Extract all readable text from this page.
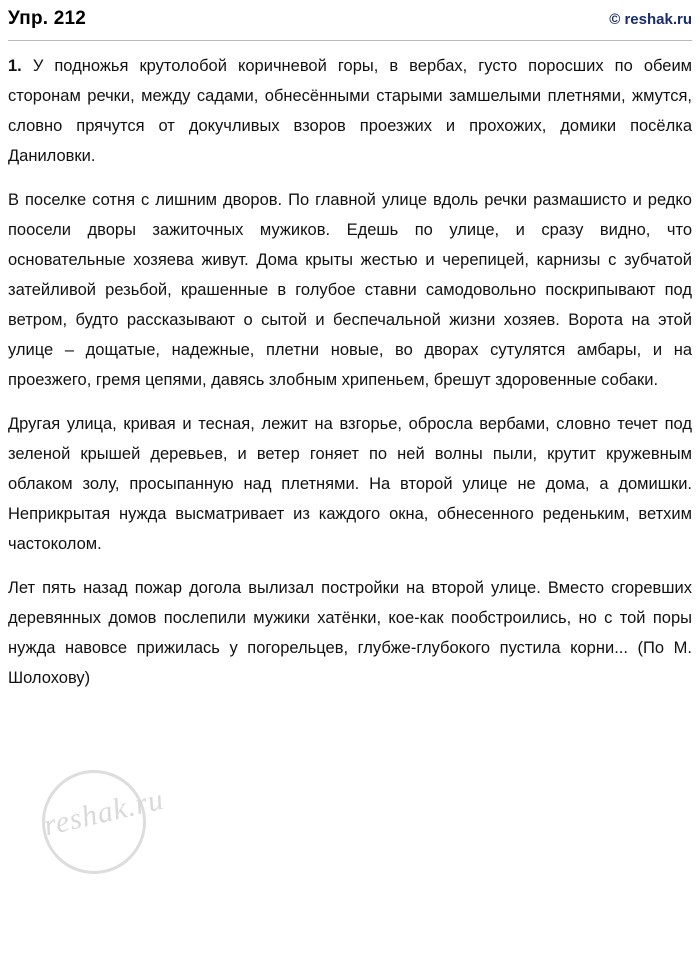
Упр. 212	© reshak.ru

1. У подножья крутолобой коричневой горы, в вербах, густо поросших по обеим сторонам речки, между садами, обнесёнными старыми замшелыми плетнями, жмутся, словно прячутся от докучливых взоров проезжих и прохожих, домики посёлка Даниловки.

В поселке сотня с лишним дворов. По главной улице вдоль речки размашисто и редко поосели дворы зажиточных мужиков. Едешь по улице, и сразу видно, что основательные хозяева живут. Дома крыты жестью и черепицей, карнизы с зубчатой затейливой резьбой, крашенные в голубое ставни самодовольно поскрипывают под ветром, будто рассказывают о сытой и беспечальной жизни хозяев. Ворота на этой улице – дощатые, надежные, плетни новые, во дворах сутулятся амбары, и на проезжего, гремя цепями, давясь злобным хрипеньем, брешут здоровенные собаки.

Другая улица, кривая и тесная, лежит на взгорье, обросла вербами, словно течет под зеленой крышей деревьев, и ветер гоняет по ней волны пыли, крутит кружевным облаком золу, просыпанную над плетнями. На второй улице не дома, а домишки. Неприкрытая нужда высматривает из каждого окна, обнесенного реденьким, ветхим частоколом.

Лет пять назад пожар догола вылизал постройки на второй улице. Вместо сгоревших деревянных домов послепили мужики хатёнки, кое-как пообстроились, но с той поры нужда навовсе прижилась у погорельцев, глубже-глубокого пустила корни... (По М. Шолохову)

reshak.ru
